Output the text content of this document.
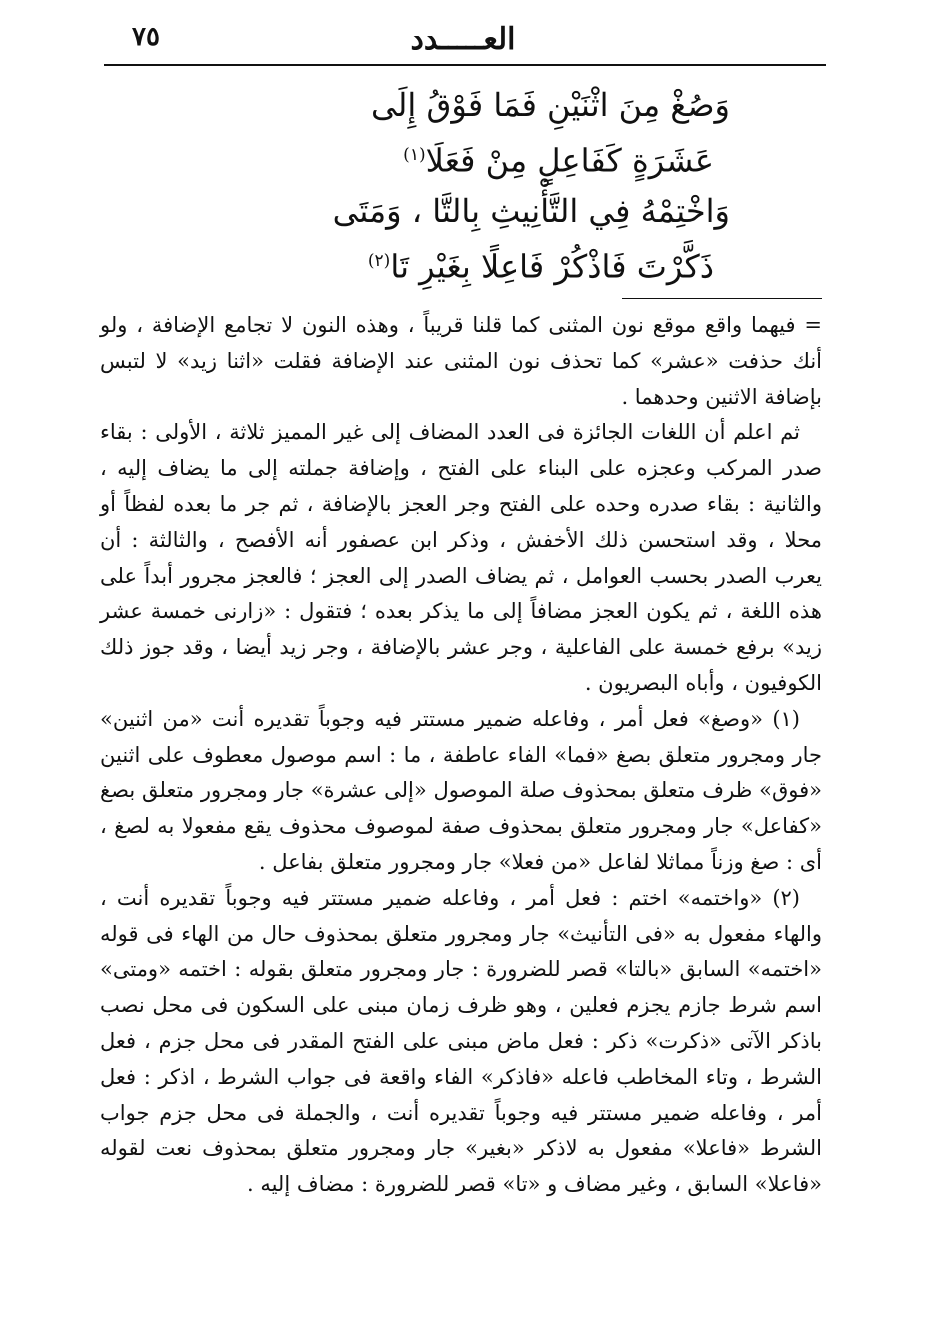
العـــــدد
٧٥
وَصُغْ مِنَ اثْنَيْنِ فَمَا فَوْقُ إِلَى
عَشَرَةٍ كَفَاعِلٍ مِنْ فَعَلَا$^{(١)}$
وَاخْتِمْهُ فِي التَّأْنِيثِ بِالتَّا ، وَمَتَى
ذَكَّرْتَ فَاذْكُرْ فَاعِلًا بِغَيْرِ تَا$^{(٢)}$

= فيهما واقع موقع نون المثنى كما قلنا قريباً ، وهذه النون لا تجامع الإضافة ، ولو أنك حذفت «عشر» كما تحذف نون المثنى عند الإضافة فقلت «اثنا زيد» لا لتبس بإضافة الاثنين وحدهما .

ثم اعلم أن اللغات الجائزة فى العدد المضاف إلى غير المميز ثلاثة ، الأولى : بقاء صدر المركب وعجزه على البناء على الفتح ، وإضافة جملته إلى ما يضاف إليه ، والثانية : بقاء صدره وحده على الفتح وجر العجز بالإضافة ، ثم جر ما بعده لفظاً أو محلا ، وقد استحسن ذلك الأخفش ، وذكر ابن عصفور أنه الأفصح ، والثالثة : أن يعرب الصدر بحسب العوامل ، ثم يضاف الصدر إلى العجز ؛ فالعجز مجرور أبداً على هذه اللغة ، ثم يكون العجز مضافاً إلى ما يذكر بعده ؛ فتقول : «زارنى خمسة عشر زيد» برفع خمسة على الفاعلية ، وجر عشر بالإضافة ، وجر زيد أيضا ، وقد جوز ذلك الكوفيون ، وأباه البصريون .

(١) «وصغ» فعل أمر ، وفاعله ضمير مستتر فيه وجوباً تقديره أنت «من اثنين» جار ومجرور متعلق بصغ «فما» الفاء عاطفة ، ما : اسم موصول معطوف على اثنين «فوق» ظرف متعلق بمحذوف صلة الموصول «إلى عشرة» جار ومجرور متعلق بصغ «كفاعل» جار ومجرور متعلق بمحذوف صفة لموصوف محذوف يقع مفعولا به لصغ ، أى : صغ وزناً مماثلا لفاعل «من فعلا» جار ومجرور متعلق بفاعل .

(٢) «واختمه» اختم : فعل أمر ، وفاعله ضمير مستتر فيه وجوباً تقديره أنت ، والهاء مفعول به «فى التأنيث» جار ومجرور متعلق بمحذوف حال من الهاء فى قوله «اختمه» السابق «بالتا» قصر للضرورة : جار ومجرور متعلق بقوله : اختمه «ومتى» اسم شرط جازم يجزم فعلين ، وهو ظرف زمان مبنى على السكون فى محل نصب باذكر الآتى «ذكرت» ذكر : فعل ماض مبنى على الفتح المقدر فى محل جزم ، فعل الشرط ، وتاء المخاطب فاعله «فاذكر» الفاء واقعة فى جواب الشرط ، اذكر : فعل أمر ، وفاعله ضمير مستتر فيه وجوباً تقديره أنت ، والجملة فى محل جزم جواب الشرط «فاعلا» مفعول به لاذكر «بغير» جار ومجرور متعلق بمحذوف نعت لقوله «فاعلا» السابق ، وغير مضاف و «تا» قصر للضرورة : مضاف إليه .
